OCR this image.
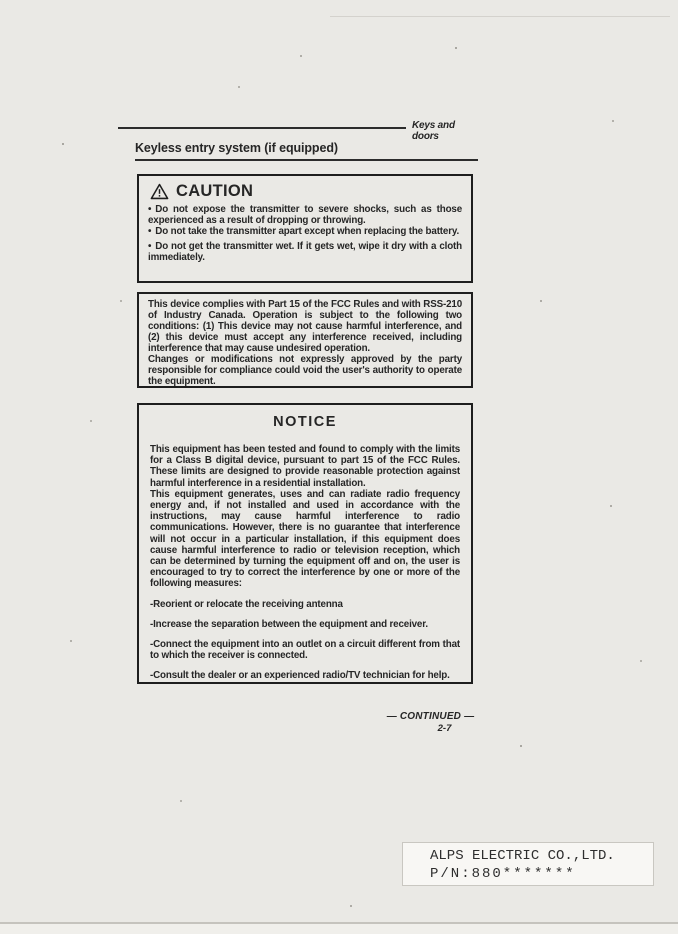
Keys and doors
Keyless entry system (if equipped)
CAUTION

• Do not expose the transmitter to severe shocks, such as those experienced as a result of dropping or throwing.

• Do not take the transmitter apart except when replacing the battery.

• Do not get the transmitter wet. If it gets wet, wipe it dry with a cloth immediately.

This device complies with Part 15 of the FCC Rules and with RSS-210 of Industry Canada. Operation is subject to the following two conditions: (1) This device may not cause harmful interference, and (2) this device must accept any interference received, including interference that may cause undesired operation.

Changes or modifications not expressly approved by the party responsible for compliance could void the user's authority to operate the equipment.

NOTICE

This equipment has been tested and found to comply with the limits for a Class B digital device, pursuant to part 15 of the FCC Rules. These limits are designed to provide reasonable protection against harmful interference in a residential installation.

This equipment generates, uses and can radiate radio frequency energy and, if not installed and used in accordance with the instructions, may cause harmful interference to radio communications. However, there is no guarantee that interference will not occur in a particular installation, if this equipment does cause harmful interference to radio or television reception, which can be determined by turning the equipment off and on, the user is encouraged to try to correct the interference by one or more of the following measures:

-Reorient or relocate the receiving antenna

-Increase the separation between the equipment and receiver.

-Connect the equipment into an outlet on a circuit different from that to which the receiver is connected.

-Consult the dealer or an experienced radio/TV technician for help.

— CONTINUED —
2-7
ALPS ELECTRIC CO.,LTD.
P/N:880*******
